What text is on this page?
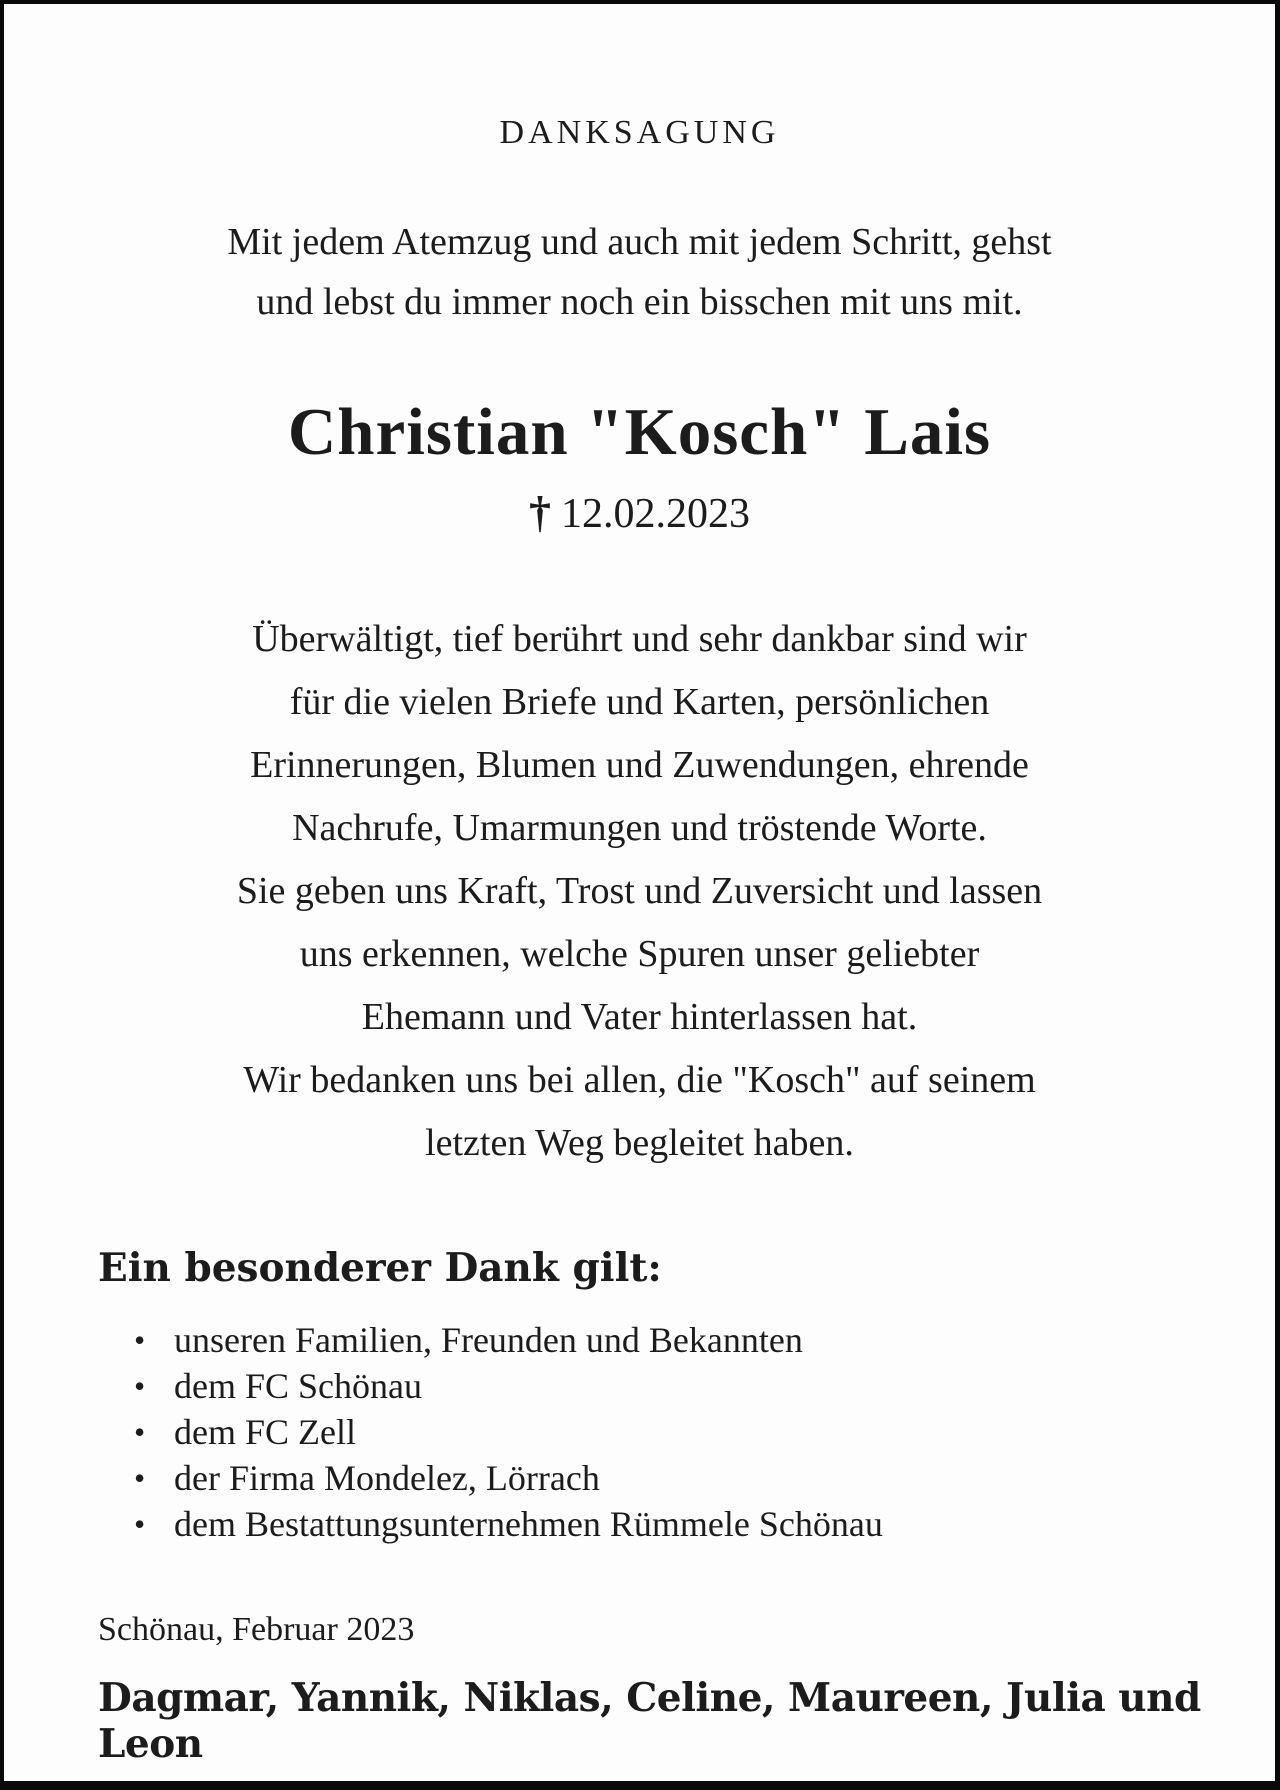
DANKSAGUNG
Mit jedem Atemzug und auch mit jedem Schritt, gehst
und lebst du immer noch ein bisschen mit uns mit.
Christian "Kosch" Lais
† 12.02.2023
Überwältigt, tief berührt und sehr dankbar sind wir
für die vielen Briefe und Karten, persönlichen
Erinnerungen, Blumen und Zuwendungen, ehrende
Nachrufe, Umarmungen und tröstende Worte.
Sie geben uns Kraft, Trost und Zuversicht und lassen
uns erkennen, welche Spuren unser geliebter
Ehemann und Vater hinterlassen hat.
Wir bedanken uns bei allen, die "Kosch" auf seinem
letzten Weg begleitet haben.
Ein besonderer Dank gilt:
• unseren Familien, Freunden und Bekannten
• dem FC Schönau
• dem FC Zell
• der Firma Mondelez, Lörrach
• dem Bestattungsunternehmen Rümmele Schönau
Schönau, Februar 2023
Dagmar, Yannik, Niklas, Celine, Maureen, Julia und Leon
